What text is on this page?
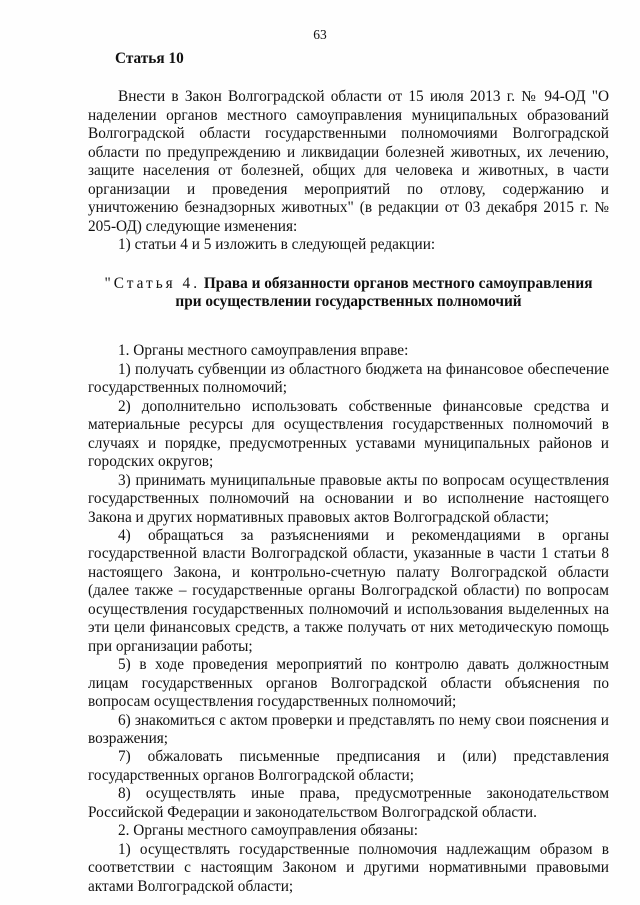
63
Статья 10

Внести в Закон Волгоградской области от 15 июля 2013 г. № 94-ОД "О наделении органов местного самоуправления муниципальных образований Волгоградской области государственными полномочиями Волгоградской области по предупреждению и ликвидации болезней животных, их лечению, защите населения от болезней, общих для человека и животных, в части организации и проведения мероприятий по отлову, содержанию и уничтожению безнадзорных животных" (в редакции от 03 декабря 2015 г. № 205-ОД) следующие изменения:

1) статьи 4 и 5 изложить в следующей редакции:

"Статья 4. Права и обязанности органов местного самоуправления
при осуществлении государственных полномочий

1. Органы местного самоуправления вправе:

1) получать субвенции из областного бюджета на финансовое обеспечение государственных полномочий;

2) дополнительно использовать собственные финансовые средства и материальные ресурсы для осуществления государственных полномочий в случаях и порядке, предусмотренных уставами муниципальных районов и городских округов;

3) принимать муниципальные правовые акты по вопросам осуществления государственных полномочий на основании и во исполнение настоящего Закона и других нормативных правовых актов Волгоградской области;

4) обращаться за разъяснениями и рекомендациями в органы государственной власти Волгоградской области, указанные в части 1 статьи 8 настоящего Закона, и контрольно-счетную палату Волгоградской области (далее также – государственные органы Волгоградской области) по вопросам осуществления государственных полномочий и использования выделенных на эти цели финансовых средств, а также получать от них методическую помощь при организации работы;

5) в ходе проведения мероприятий по контролю давать должностным лицам государственных органов Волгоградской области объяснения по вопросам осуществления государственных полномочий;

6) знакомиться с актом проверки и представлять по нему свои пояснения и возражения;

7) обжаловать письменные предписания и (или) представления государственных органов Волгоградской области;

8) осуществлять иные права, предусмотренные законодательством Российской Федерации и законодательством Волгоградской области.

2. Органы местного самоуправления обязаны:

1) осуществлять государственные полномочия надлежащим образом в соответствии с настоящим Законом и другими нормативными правовыми актами Волгоградской области;
